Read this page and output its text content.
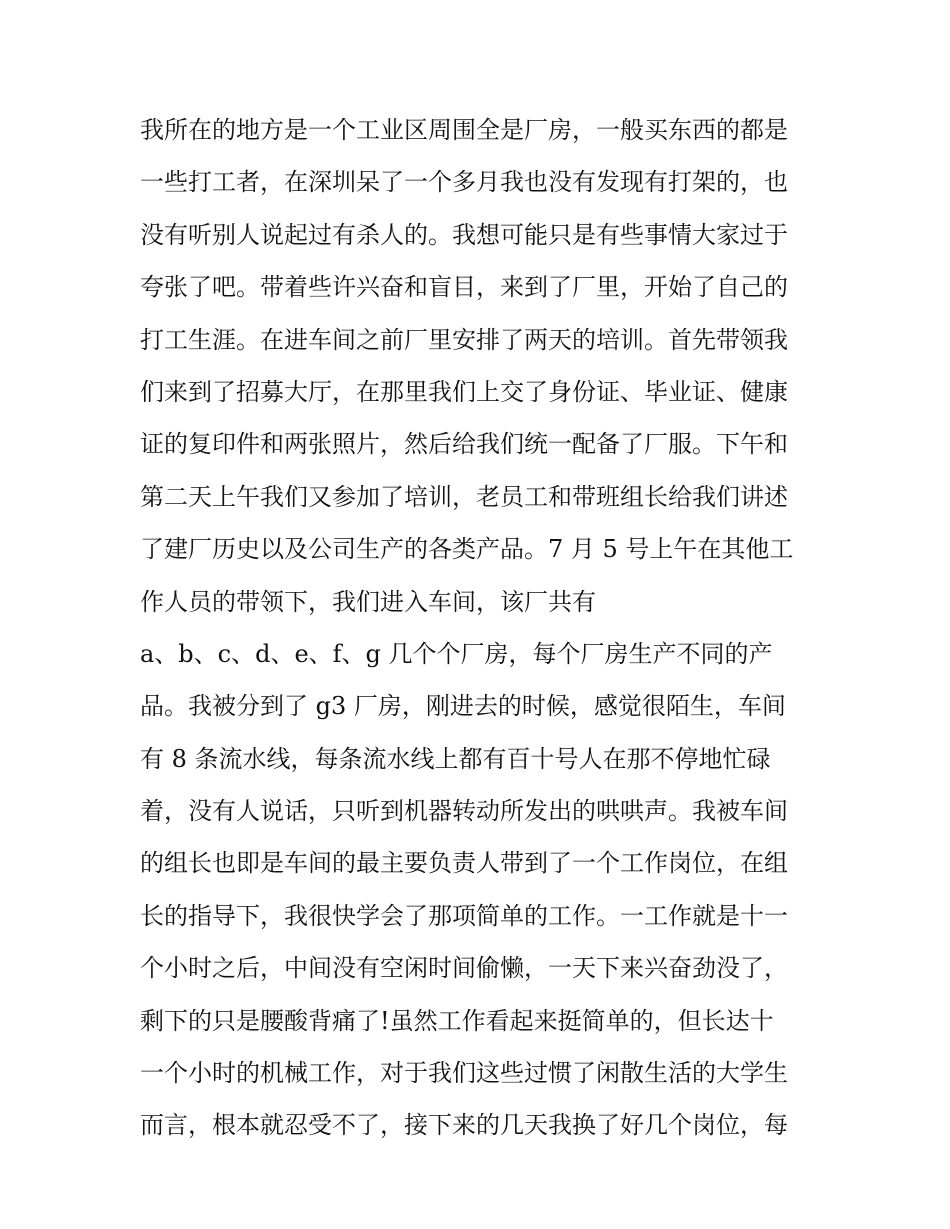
我所在的地方是一个工业区周围全是厂房，一般买东西的都是
一些打工者，在深圳呆了一个多月我也没有发现有打架的，也
没有听别人说起过有杀人的。我想可能只是有些事情大家过于
夸张了吧。带着些许兴奋和盲目，来到了厂里，开始了自己的
打工生涯。在进车间之前厂里安排了两天的培训。首先带领我
们来到了招募大厅，在那里我们上交了身份证、毕业证、健康
证的复印件和两张照片，然后给我们统一配备了厂服。下午和
第二天上午我们又参加了培训，老员工和带班组长给我们讲述
了建厂历史以及公司生产的各类产品。7 月 5 号上午在其他工
作人员的带领下，我们进入车间，该厂共有
a、b、c、d、e、f、g 几个个厂房，每个厂房生产不同的产
品。我被分到了 g3 厂房，刚进去的时候，感觉很陌生，车间
有 8 条流水线，每条流水线上都有百十号人在那不停地忙碌
着，没有人说话，只听到机器转动所发出的哄哄声。我被车间
的组长也即是车间的最主要负责人带到了一个工作岗位，在组
长的指导下，我很快学会了那项简单的工作。一工作就是十一
个小时之后，中间没有空闲时间偷懒，一天下来兴奋劲没了，
剩下的只是腰酸背痛了!虽然工作看起来挺简单的，但长达十
一个小时的机械工作，对于我们这些过惯了闲散生活的大学生
而言，根本就忍受不了，接下来的几天我换了好几个岗位，每
